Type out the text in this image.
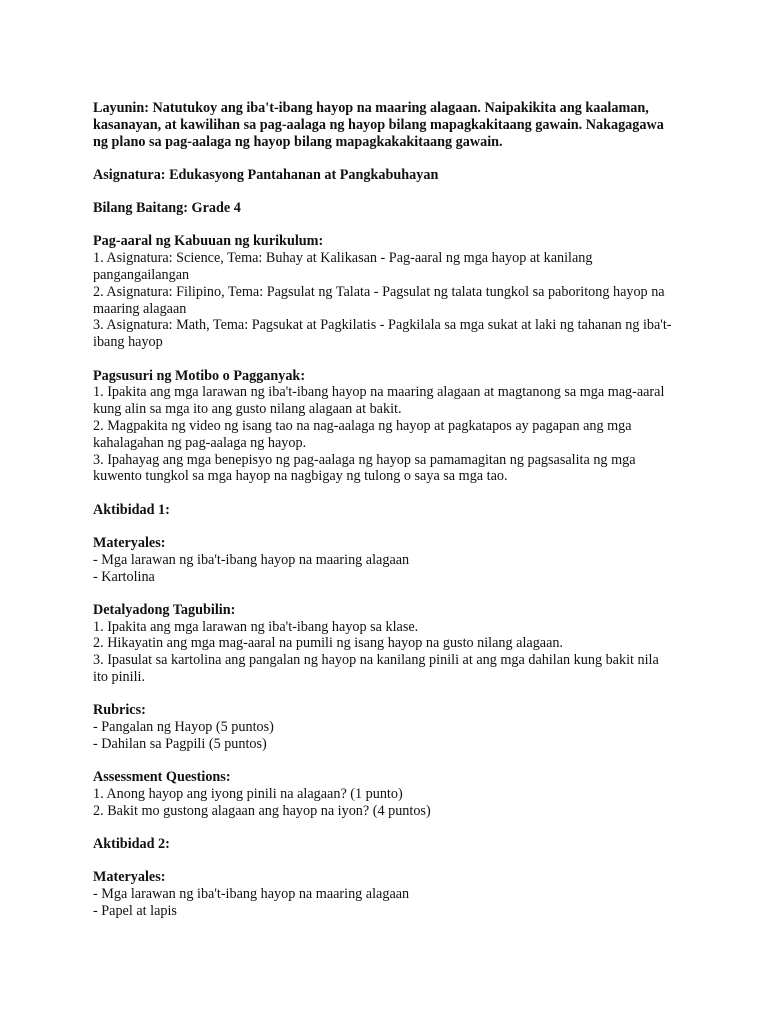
Layunin: Natutukoy ang iba't-ibang hayop na maaring alagaan. Naipakikita ang kaalaman, kasanayan, at kawilihan sa pag-aalaga ng hayop bilang mapagkakitaang gawain. Nakagagawa ng plano sa pag-aalaga ng hayop bilang mapagkakakitaang gawain.
Asignatura: Edukasyong Pantahanan at Pangkabuhayan
Bilang Baitang: Grade 4
Pag-aaral ng Kabuuan ng kurikulum:
1. Asignatura: Science, Tema: Buhay at Kalikasan - Pag-aaral ng mga hayop at kanilang pangangailangan
2. Asignatura: Filipino, Tema: Pagsulat ng Talata - Pagsulat ng talata tungkol sa paboritong hayop na maaring alagaan
3. Asignatura: Math, Tema: Pagsukat at Pagkilatis - Pagkilala sa mga sukat at laki ng tahanan ng iba't-ibang hayop
Pagsusuri ng Motibo o Pagganyak:
1. Ipakita ang mga larawan ng iba't-ibang hayop na maaring alagaan at magtanong sa mga mag-aaral kung alin sa mga ito ang gusto nilang alagaan at bakit.
2. Magpakita ng video ng isang tao na nag-aalaga ng hayop at pagkatapos ay pagapan ang mga kahalagahan ng pag-aalaga ng hayop.
3. Ipahayag ang mga benepisyo ng pag-aalaga ng hayop sa pamamagitan ng pagsasalita ng mga kuwento tungkol sa mga hayop na nagbigay ng tulong o saya sa mga tao.
Aktibidad 1:
Materyales:
- Mga larawan ng iba't-ibang hayop na maaring alagaan
- Kartolina
Detalyadong Tagubilin:
1. Ipakita ang mga larawan ng iba't-ibang hayop sa klase.
2. Hikayatin ang mga mag-aaral na pumili ng isang hayop na gusto nilang alagaan.
3. Ipasulat sa kartolina ang pangalan ng hayop na kanilang pinili at ang mga dahilan kung bakit nila ito pinili.
Rubrics:
- Pangalan ng Hayop (5 puntos)
- Dahilan sa Pagpili (5 puntos)
Assessment Questions:
1. Anong hayop ang iyong pinili na alagaan? (1 punto)
2. Bakit mo gustong alagaan ang hayop na iyon? (4 puntos)
Aktibidad 2:
Materyales:
- Mga larawan ng iba't-ibang hayop na maaring alagaan
- Papel at lapis
